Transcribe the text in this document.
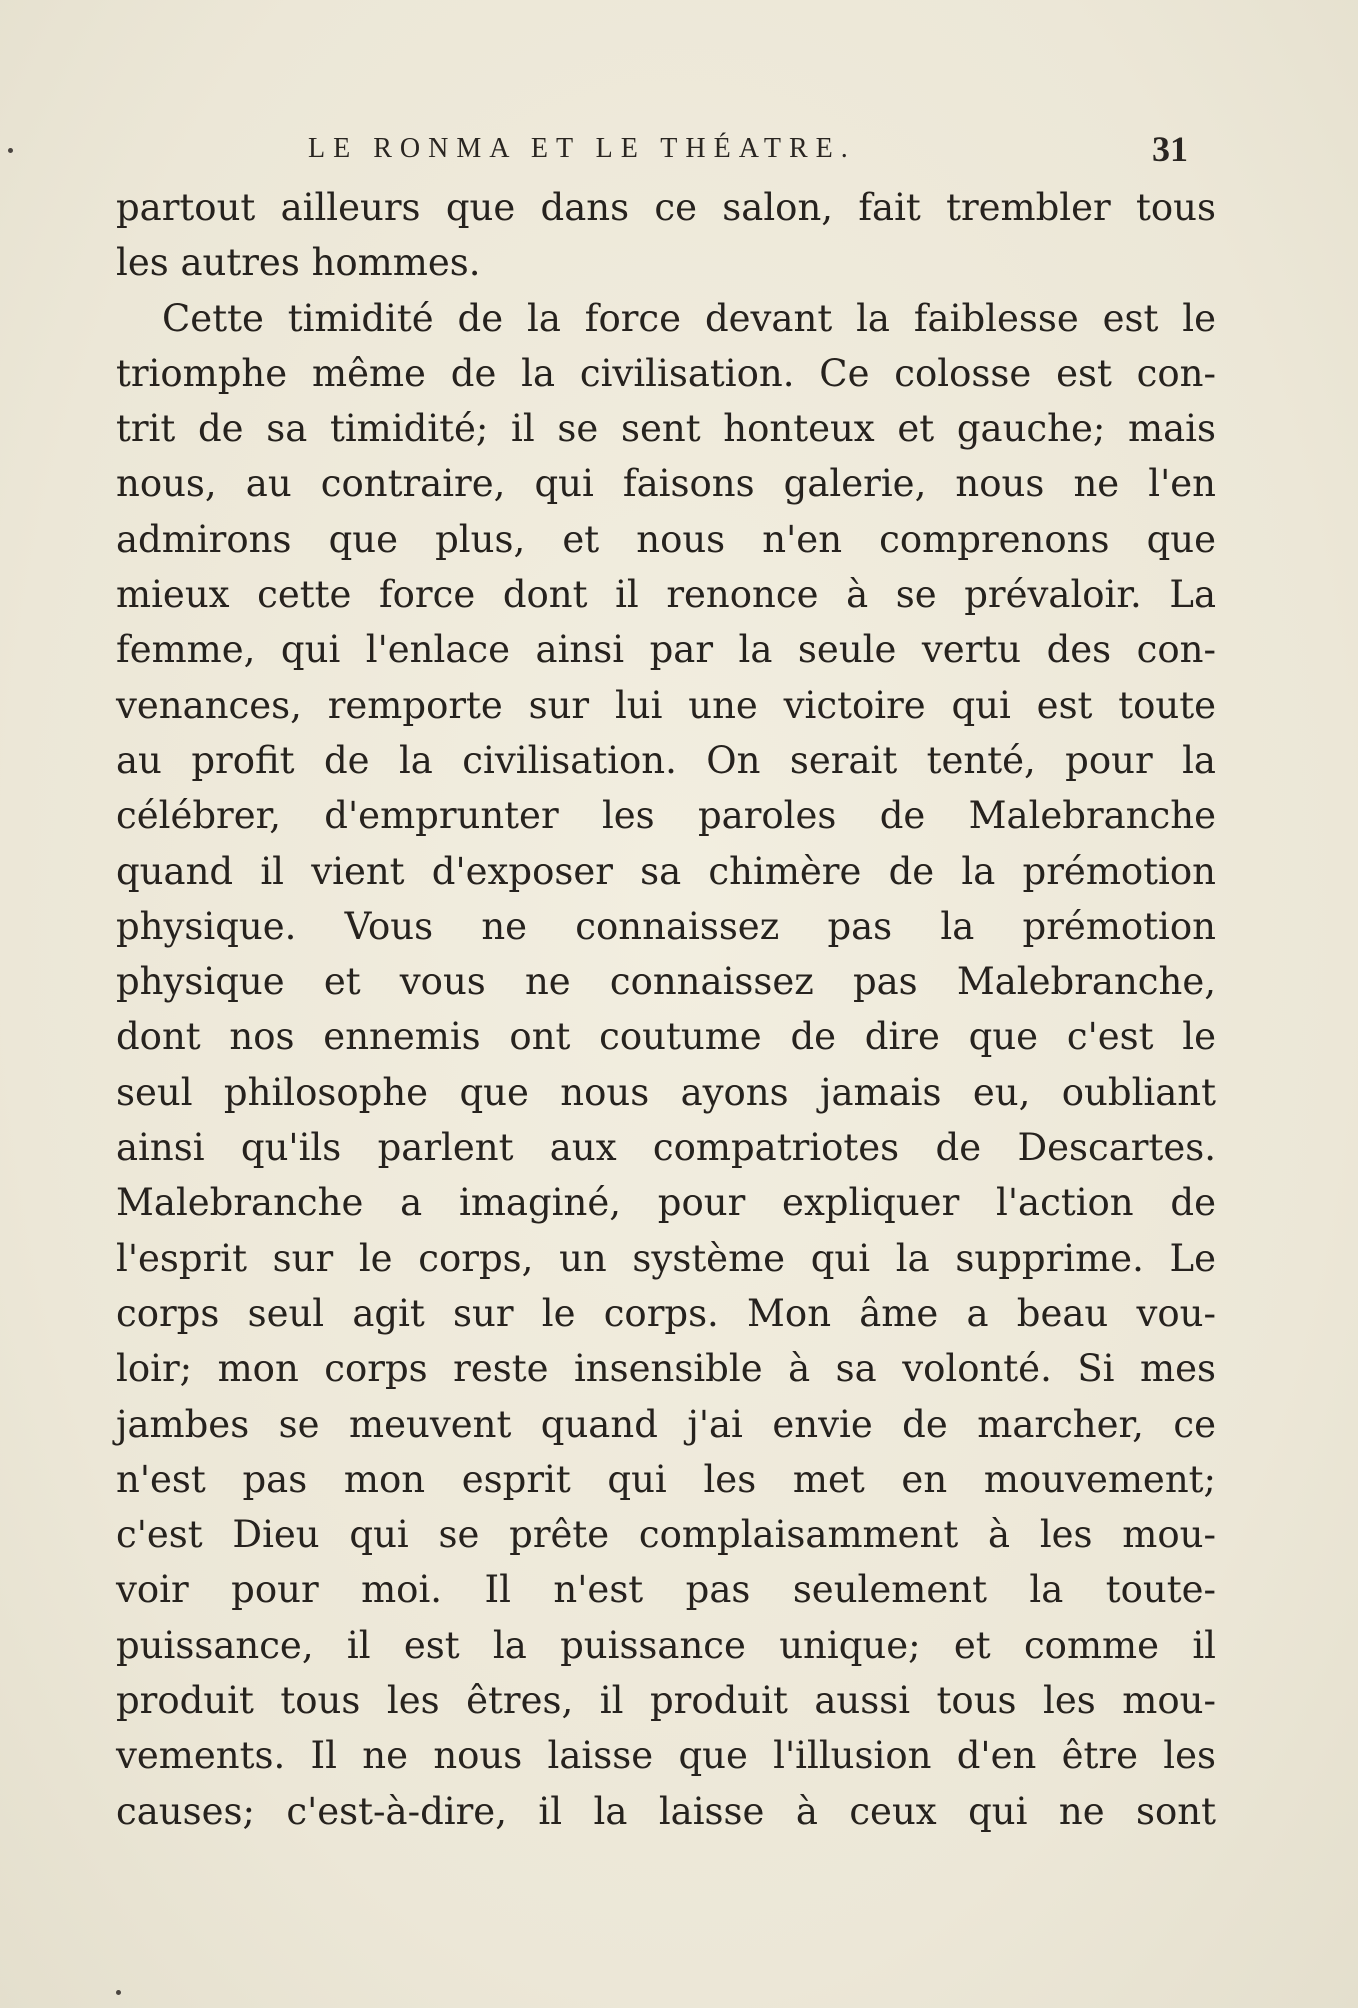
LE RONMA ET LE THÉATRE.	31
partout ailleurs que dans ce salon, fait trembler tous
les autres hommes.
Cette timidité de la force devant la faiblesse est le
triomphe même de la civilisation. Ce colosse est con-
trit de sa timidité; il se sent honteux et gauche; mais
nous, au contraire, qui faisons galerie, nous ne l'en
admirons que plus, et nous n'en comprenons que
mieux cette force dont il renonce à se prévaloir. La
femme, qui l'enlace ainsi par la seule vertu des con-
venances, remporte sur lui une victoire qui est toute
au profit de la civilisation. On serait tenté, pour la
célébrer, d'emprunter les paroles de Malebranche
quand il vient d'exposer sa chimère de la prémotion
physique. Vous ne connaissez pas la prémotion
physique et vous ne connaissez pas Malebranche,
dont nos ennemis ont coutume de dire que c'est le
seul philosophe que nous ayons jamais eu, oubliant
ainsi qu'ils parlent aux compatriotes de Descartes.
Malebranche a imaginé, pour expliquer l'action de
l'esprit sur le corps, un système qui la supprime. Le
corps seul agit sur le corps. Mon âme a beau vou-
loir; mon corps reste insensible à sa volonté. Si mes
jambes se meuvent quand j'ai envie de marcher, ce
n'est pas mon esprit qui les met en mouvement;
c'est Dieu qui se prête complaisamment à les mou-
voir pour moi. Il n'est pas seulement la toute-
puissance, il est la puissance unique; et comme il
produit tous les êtres, il produit aussi tous les mou-
vements. Il ne nous laisse que l'illusion d'en être les
causes; c'est-à-dire, il la laisse à ceux qui ne sont
